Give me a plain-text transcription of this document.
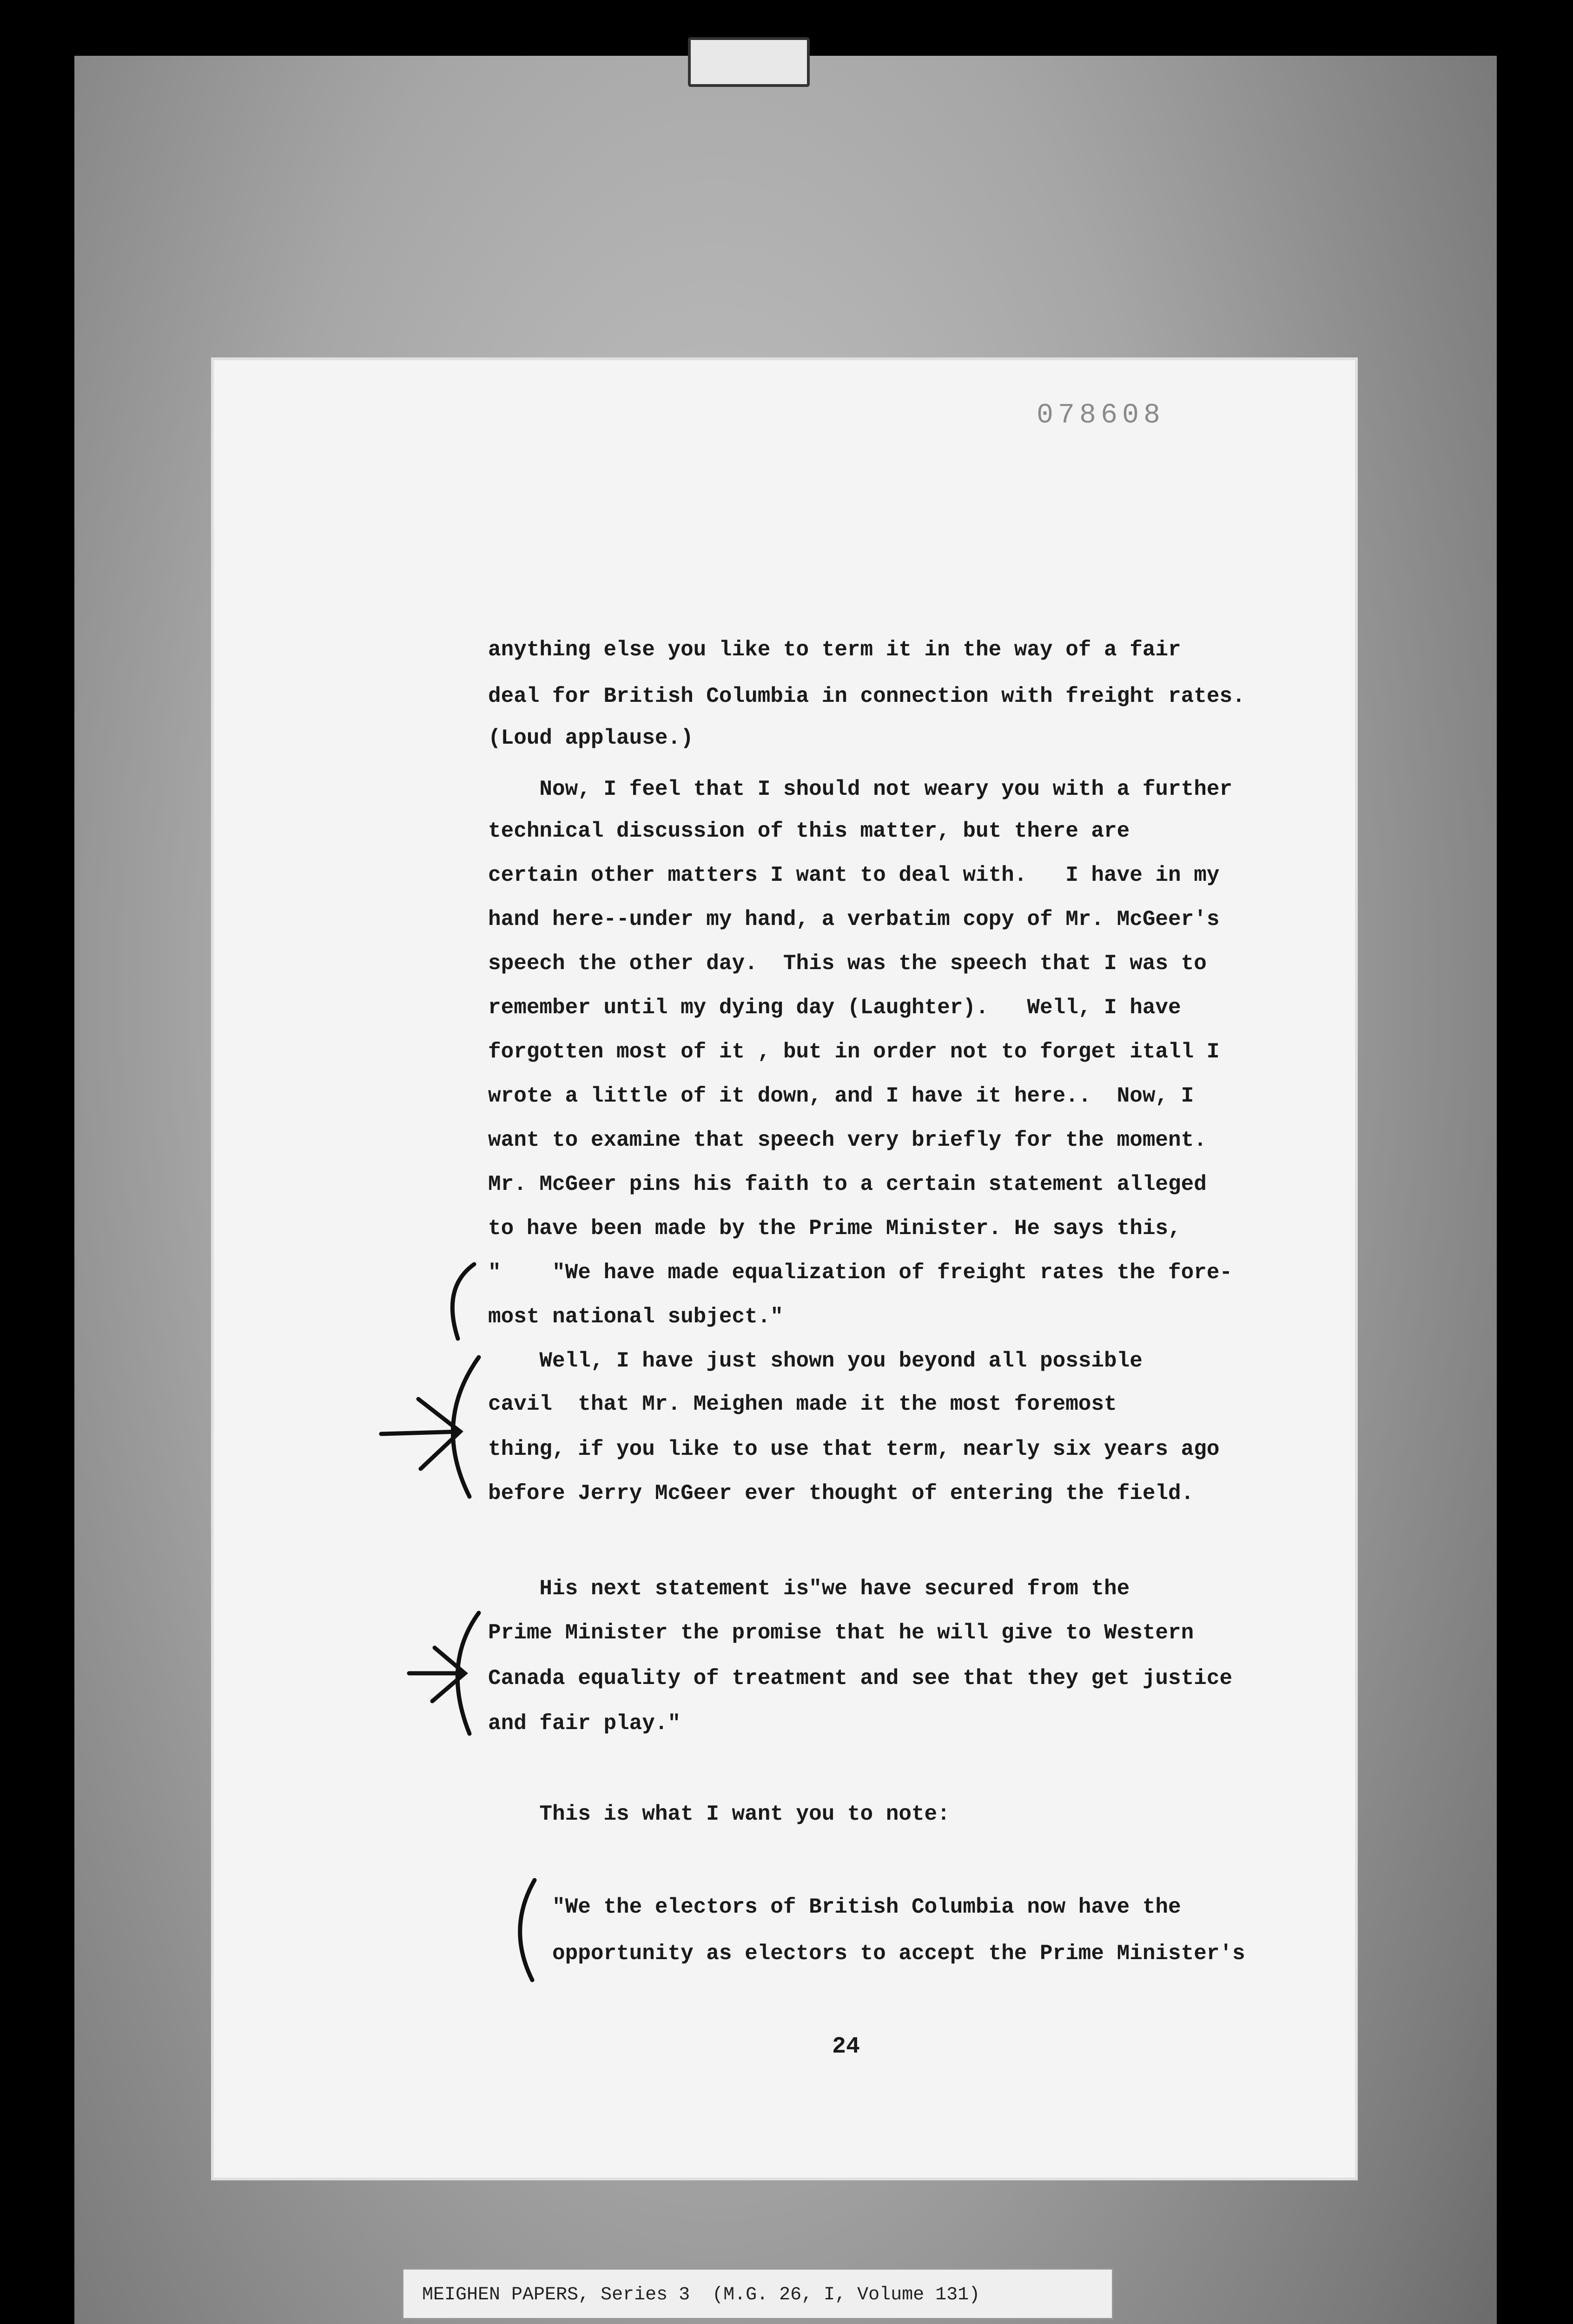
078608
anything else you like to term it in the way of a fair
deal for British Columbia in connection with freight rates.
(Loud applause.)
Now, I feel that I should not weary you with a further
technical discussion of this matter, but there are
certain other matters I want to deal with.   I have in my
hand here--under my hand, a verbatim copy of Mr. McGeer's
speech the other day.  This was the speech that I was to
remember until my dying day (Laughter).   Well, I have
forgotten most of it , but in order not to forget itall I
wrote a little of it down, and I have it here..  Now, I
want to examine that speech very briefly for the moment.
Mr. McGeer pins his faith to a certain statement alleged
to have been made by the Prime Minister. He says this,
"    "We have made equalization of freight rates the fore-
most national subject."
Well, I have just shown you beyond all possible
cavil  that Mr. Meighen made it the most foremost
thing, if you like to use that term, nearly six years ago
before Jerry McGeer ever thought of entering the field.
His next statement is"we have secured from the
Prime Minister the promise that he will give to Western
Canada equality of treatment and see that they get justice
and fair play."
This is what I want you to note:
"We the electors of British Columbia now have the
opportunity as electors to accept the Prime Minister's
24
MEIGHEN PAPERS, Series 3  (M.G. 26, I, Volume 131)
